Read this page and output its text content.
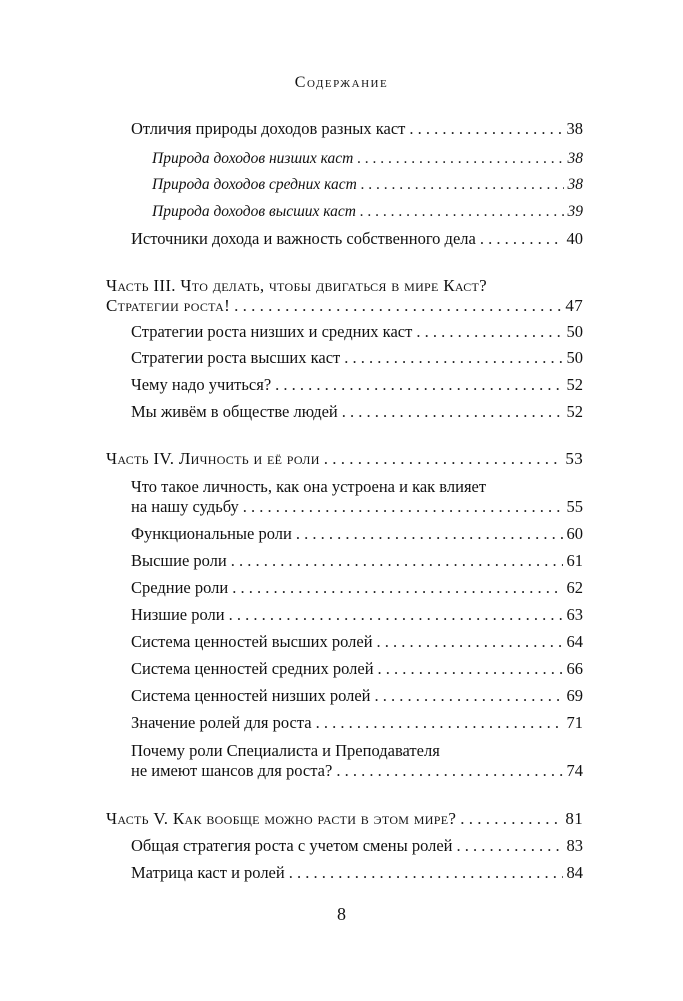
Содержание
Отличия природы доходов разных каст . . .	38
Природа доходов низших каст . . .	38
Природа доходов средних каст . . .	38
Природа доходов высших каст . . .	39
Источники дохода и важность собственного дела . . .	40
Часть III. Что делать, чтобы двигаться в мире Каст?
Стратегии роста! . . .	47
Стратегии роста низших и средних каст . . .	50
Стратегии роста высших каст . . .	50
Чему надо учиться? . . .	52
Мы живём в обществе людей . . .	52
Часть IV. Личность и её роли . . .	53
Что такое личность, как она устроена и как влияет
на нашу судьбу . . .	55
Функциональные роли . . .	60
Высшие роли . . .	61
Средние роли . . .	62
Низшие роли . . .	63
Система ценностей высших ролей . . .	64
Система ценностей средних ролей . . .	66
Система ценностей низших ролей . . .	69
Значение ролей для роста . . .	71
Почему роли Специалиста и Преподавателя
не имеют шансов для роста? . . .	74
Часть V. Как вообще можно расти в этом мире? . . .	81
Общая стратегия роста с учетом смены ролей . . .	83
Матрица каст и ролей . . .	84
8
